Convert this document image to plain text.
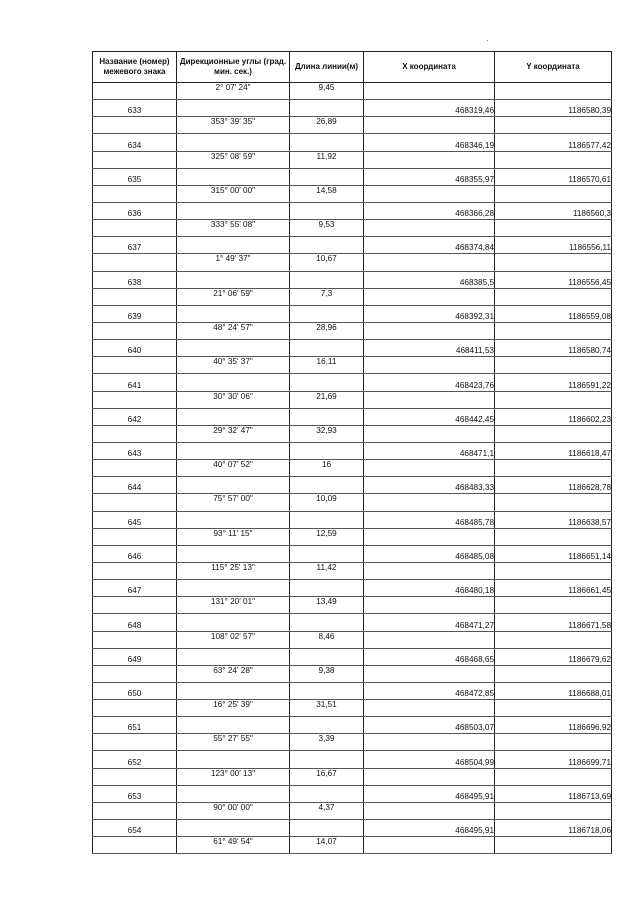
Название (номер) межевого знака	Дирекционные углы (град. мин. сек.)	Длина линии(м)	X координата	Y координата
	2° 07' 24"	9,45		
633			468319,46	1186580,39
	353° 39' 35"	26,89		
634			468346,19	1186577,42
	325° 08' 59"	11,92		
635			468355,97	1186570,61
	315° 00' 00"	14,58		
636			468366,28	1186560,3
	333° 55' 08"	9,53		
637			468374,84	1186556,11
	1° 49' 37"	10,67		
638			468385,5	1186556,45
	21° 06' 59"	7,3		
639			468392,31	1186559,08
	48° 24' 57"	28,96		
640			468411,53	1186580,74
	40° 35' 37"	16,11		
641			468423,76	1186591,22
	30° 30' 06"	21,69		
642			468442,45	1186602,23
	29° 32' 47"	32,93		
643			468471,1	1186618,47
	40° 07' 52"	16		
644			468483,33	1186628,78
	75° 57' 00"	10,09		
645			468485,78	1186638,57
	93° 11' 15"	12,59		
646			468485,08	1186651,14
	115° 25' 13"	11,42		
647			468480,18	1186661,45
	131° 20' 01"	13,49		
648			468471,27	1186671,58
	108° 02' 57"	8,46		
649			468468,65	1186679,62
	63° 24' 28"	9,38		
650			468472,85	1186688,01
	16° 25' 39"	31,51		
651			468503,07	1186696,92
	55° 27' 55"	3,39		
652			468504,99	1186699,71
	123° 00' 13"	16,67		
653			468495,91	1186713,69
	90° 00' 00"	4,37		
654			468495,91	1186718,06
	61° 49' 54"	14,07		
